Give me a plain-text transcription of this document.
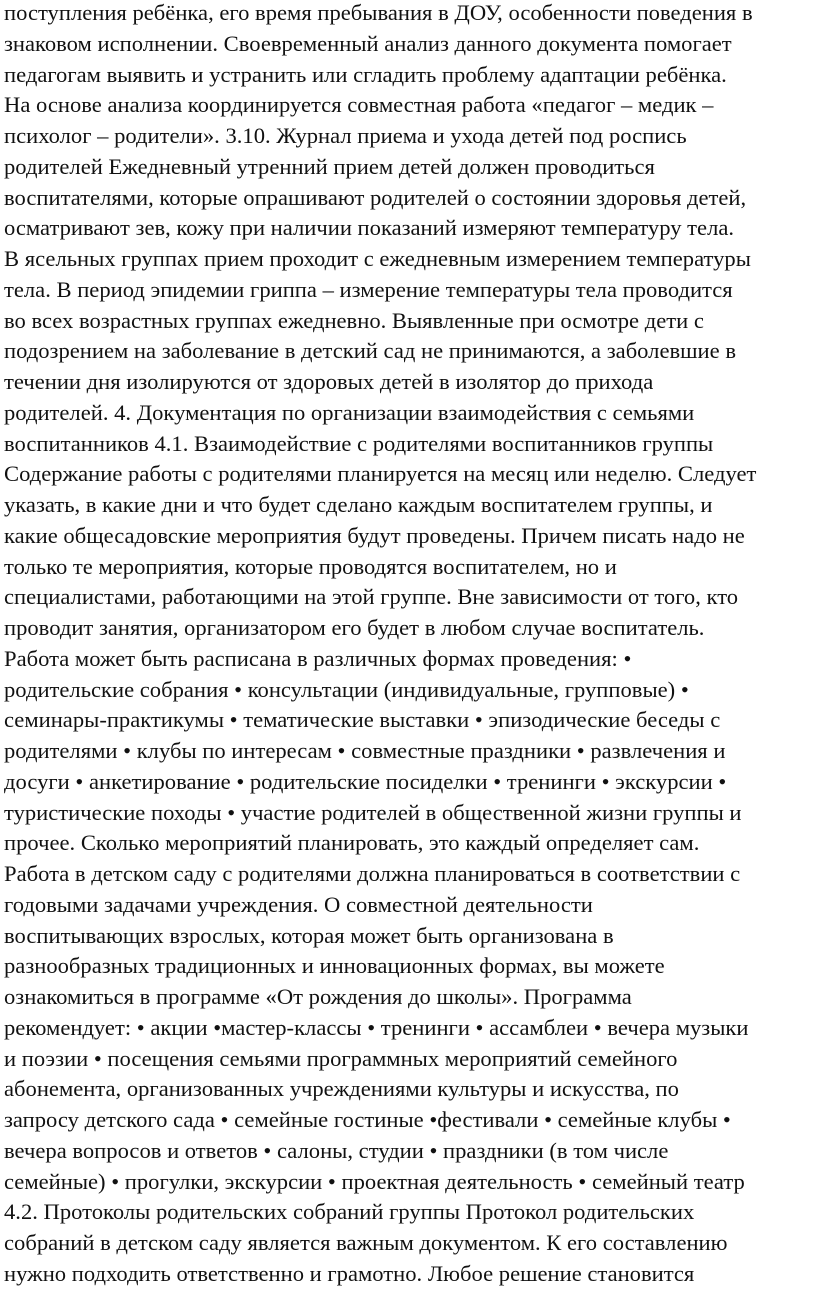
поступления ребёнка, его время пребывания в ДОУ, особенности поведения в
знаковом исполнении. Своевременный анализ данного документа помогает
педагогам выявить и устранить или сгладить проблему адаптации ребёнка.
На основе анализа координируется совместная работа «педагог – медик –
психолог – родители». 3.10. Журнал приема и ухода детей под роспись
родителей Ежедневный утренний прием детей должен проводиться
воспитателями, которые опрашивают родителей о состоянии здоровья детей,
осматривают зев, кожу при наличии показаний измеряют температуру тела.
В ясельных группах прием проходит с ежедневным измерением температуры
тела. В период эпидемии гриппа – измерение температуры тела проводится
во всех возрастных группах ежедневно. Выявленные при осмотре дети с
подозрением на заболевание в детский сад не принимаются, а заболевшие в
течении дня изолируются от здоровых детей в изолятор до прихода
родителей. 4. Документация по организации взаимодействия с семьями
воспитанников 4.1. Взаимодействие с родителями воспитанников группы
Содержание работы с родителями планируется на месяц или неделю. Следует
указать, в какие дни и что будет сделано каждым воспитателем группы, и
какие общесадовские мероприятия будут проведены. Причем писать надо не
только те мероприятия, которые проводятся воспитателем, но и
специалистами, работающими на этой группе. Вне зависимости от того, кто
проводит занятия, организатором его будет в любом случае воспитатель.
Работа может быть расписана в различных формах проведения: •
родительские собрания • консультации (индивидуальные, групповые) •
семинары-практикумы • тематические выставки • эпизодические беседы с
родителями • клубы по интересам • совместные праздники • развлечения и
досуги • анкетирование • родительские посиделки • тренинги • экскурсии •
туристические походы • участие родителей в общественной жизни группы и
прочее. Сколько мероприятий планировать, это каждый определяет сам.
Работа в детском саду с родителями должна планироваться в соответствии с
годовыми задачами учреждения. О совместной деятельности
воспитывающих взрослых, которая может быть организована в
разнообразных традиционных и инновационных формах, вы можете
ознакомиться в программе «От рождения до школы». Программа
рекомендует: • акции •мастер-классы • тренинги • ассамблеи • вечера музыки
и поэзии • посещения семьями программных мероприятий семейного
абонемента, организованных учреждениями культуры и искусства, по
запросу детского сада • семейные гостиные •фестивали • семейные клубы •
вечера вопросов и ответов • салоны, студии • праздники (в том числе
семейные) • прогулки, экскурсии • проектная деятельность • семейный театр
4.2. Протоколы родительских собраний группы Протокол родительских
собраний в детском саду является важным документом. К его составлению
нужно подходить ответственно и грамотно. Любое решение становится
